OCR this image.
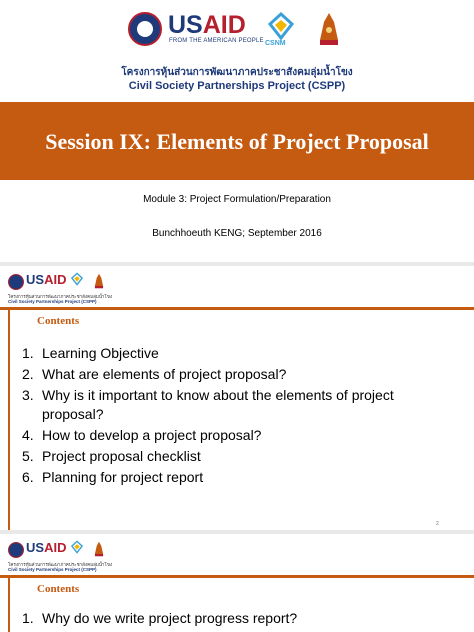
USAID
FROM THE AMERICAN PEOPLE CSNM
โครงการหุ้นส่วนการพัฒนาภาคประชาสังคมลุ่มน้ำโขง
Civil Society Partnerships Project (CSPP)
Session IX: Elements of Project Proposal
Module 3: Project Formulation/Preparation
Bunchhoeuth KENG; September 2016
USAID
โครงการหุ้นส่วนการพัฒนาภาคประชาสังคมลุ่มน้ำโขง
Civil Society Partnerships Project (CSPP)
Contents
1. Learning Objective
2. What are elements of project proposal?
3. Why is it important to know about the elements of project proposal?
4. How to develop a project proposal?
5. Project proposal checklist
6. Planning for project report
2
USAID
โครงการหุ้นส่วนการพัฒนาภาคประชาสังคมลุ่มน้ำโขง
Civil Society Partnerships Project (CSPP)
Contents
1. Why do we write project progress report?
